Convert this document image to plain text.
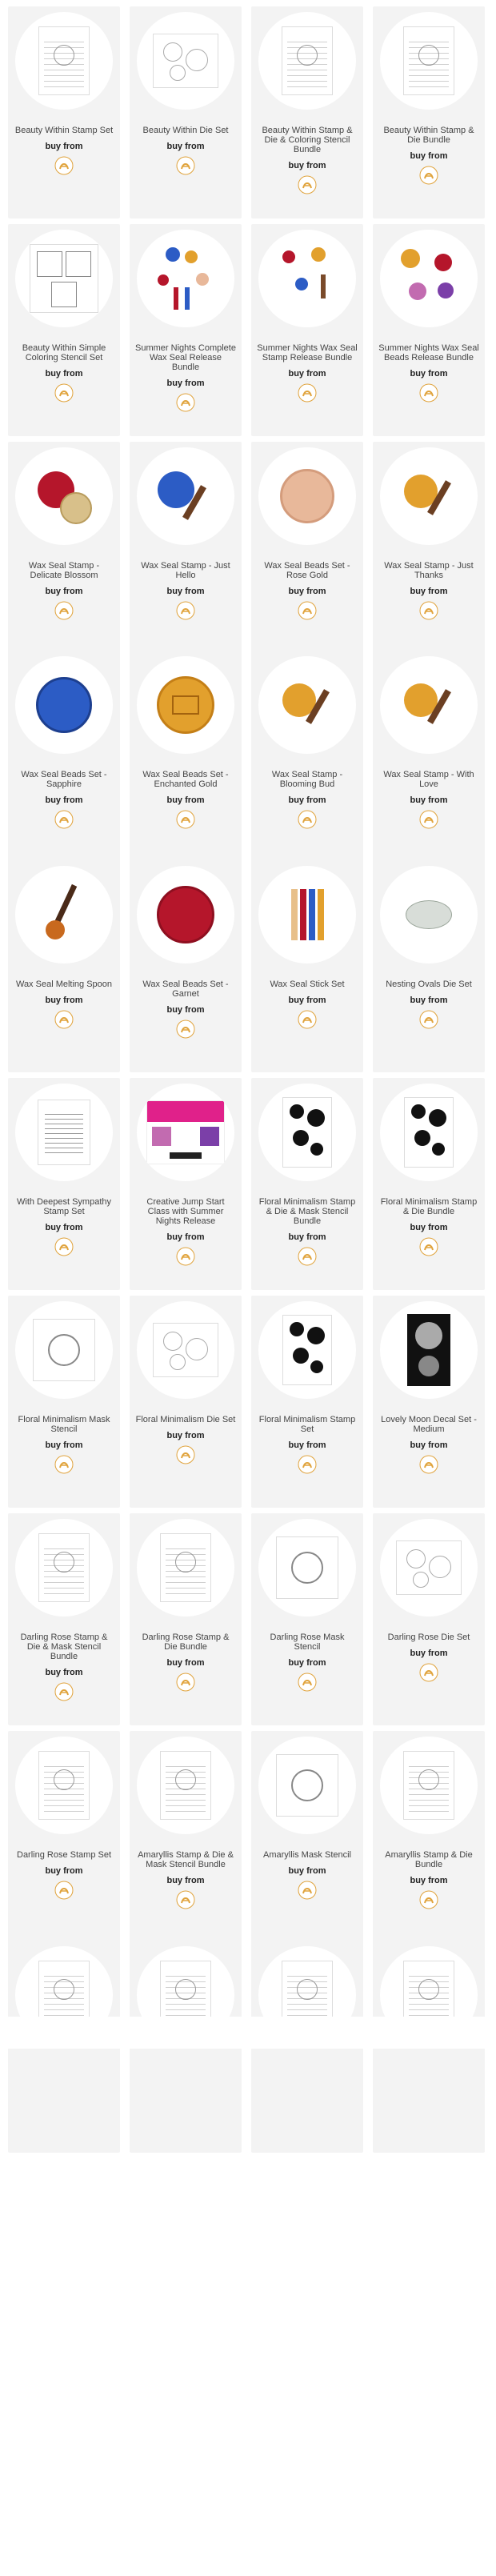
Beauty Within Stamp Set
buy from
Beauty Within Die Set
buy from
Beauty Within Stamp & Die & Coloring Stencil Bundle
buy from
Beauty Within Stamp & Die Bundle
buy from
Beauty Within Simple Coloring Stencil Set
buy from
Summer Nights Complete Wax Seal Release Bundle
buy from
Summer Nights Wax Seal Stamp Release Bundle
buy from
Summer Nights Wax Seal Beads Release Bundle
buy from
Wax Seal Stamp - Delicate Blossom
buy from
Wax Seal Stamp - Just Hello
buy from
Wax Seal Beads Set - Rose Gold
buy from
Wax Seal Stamp - Just Thanks
buy from
Wax Seal Beads Set - Sapphire
buy from
Wax Seal Beads Set - Enchanted Gold
buy from
Wax Seal Stamp - Blooming Bud
buy from
Wax Seal Stamp - With Love
buy from
Wax Seal Melting Spoon
buy from
Wax Seal Beads Set - Garnet
buy from
Wax Seal Stick Set
buy from
Nesting Ovals Die Set
buy from
With Deepest Sympathy Stamp Set
buy from
Creative Jump Start Class with Summer Nights Release
buy from
Floral Minimalism Stamp & Die & Mask Stencil Bundle
buy from
Floral Minimalism Stamp & Die Bundle
buy from
Floral Minimalism Mask Stencil
buy from
Floral Minimalism Die Set
buy from
Floral Minimalism Stamp Set
buy from
Lovely Moon Decal Set - Medium
buy from
Darling Rose Stamp & Die & Mask Stencil Bundle
buy from
Darling Rose Stamp & Die Bundle
buy from
Darling Rose Mask Stencil
buy from
Darling Rose Die Set
buy from
Darling Rose Stamp Set
buy from
Amaryllis Stamp & Die & Mask Stencil Bundle
buy from
Amaryllis Mask Stencil
buy from
Amaryllis Stamp & Die Bundle
buy from
